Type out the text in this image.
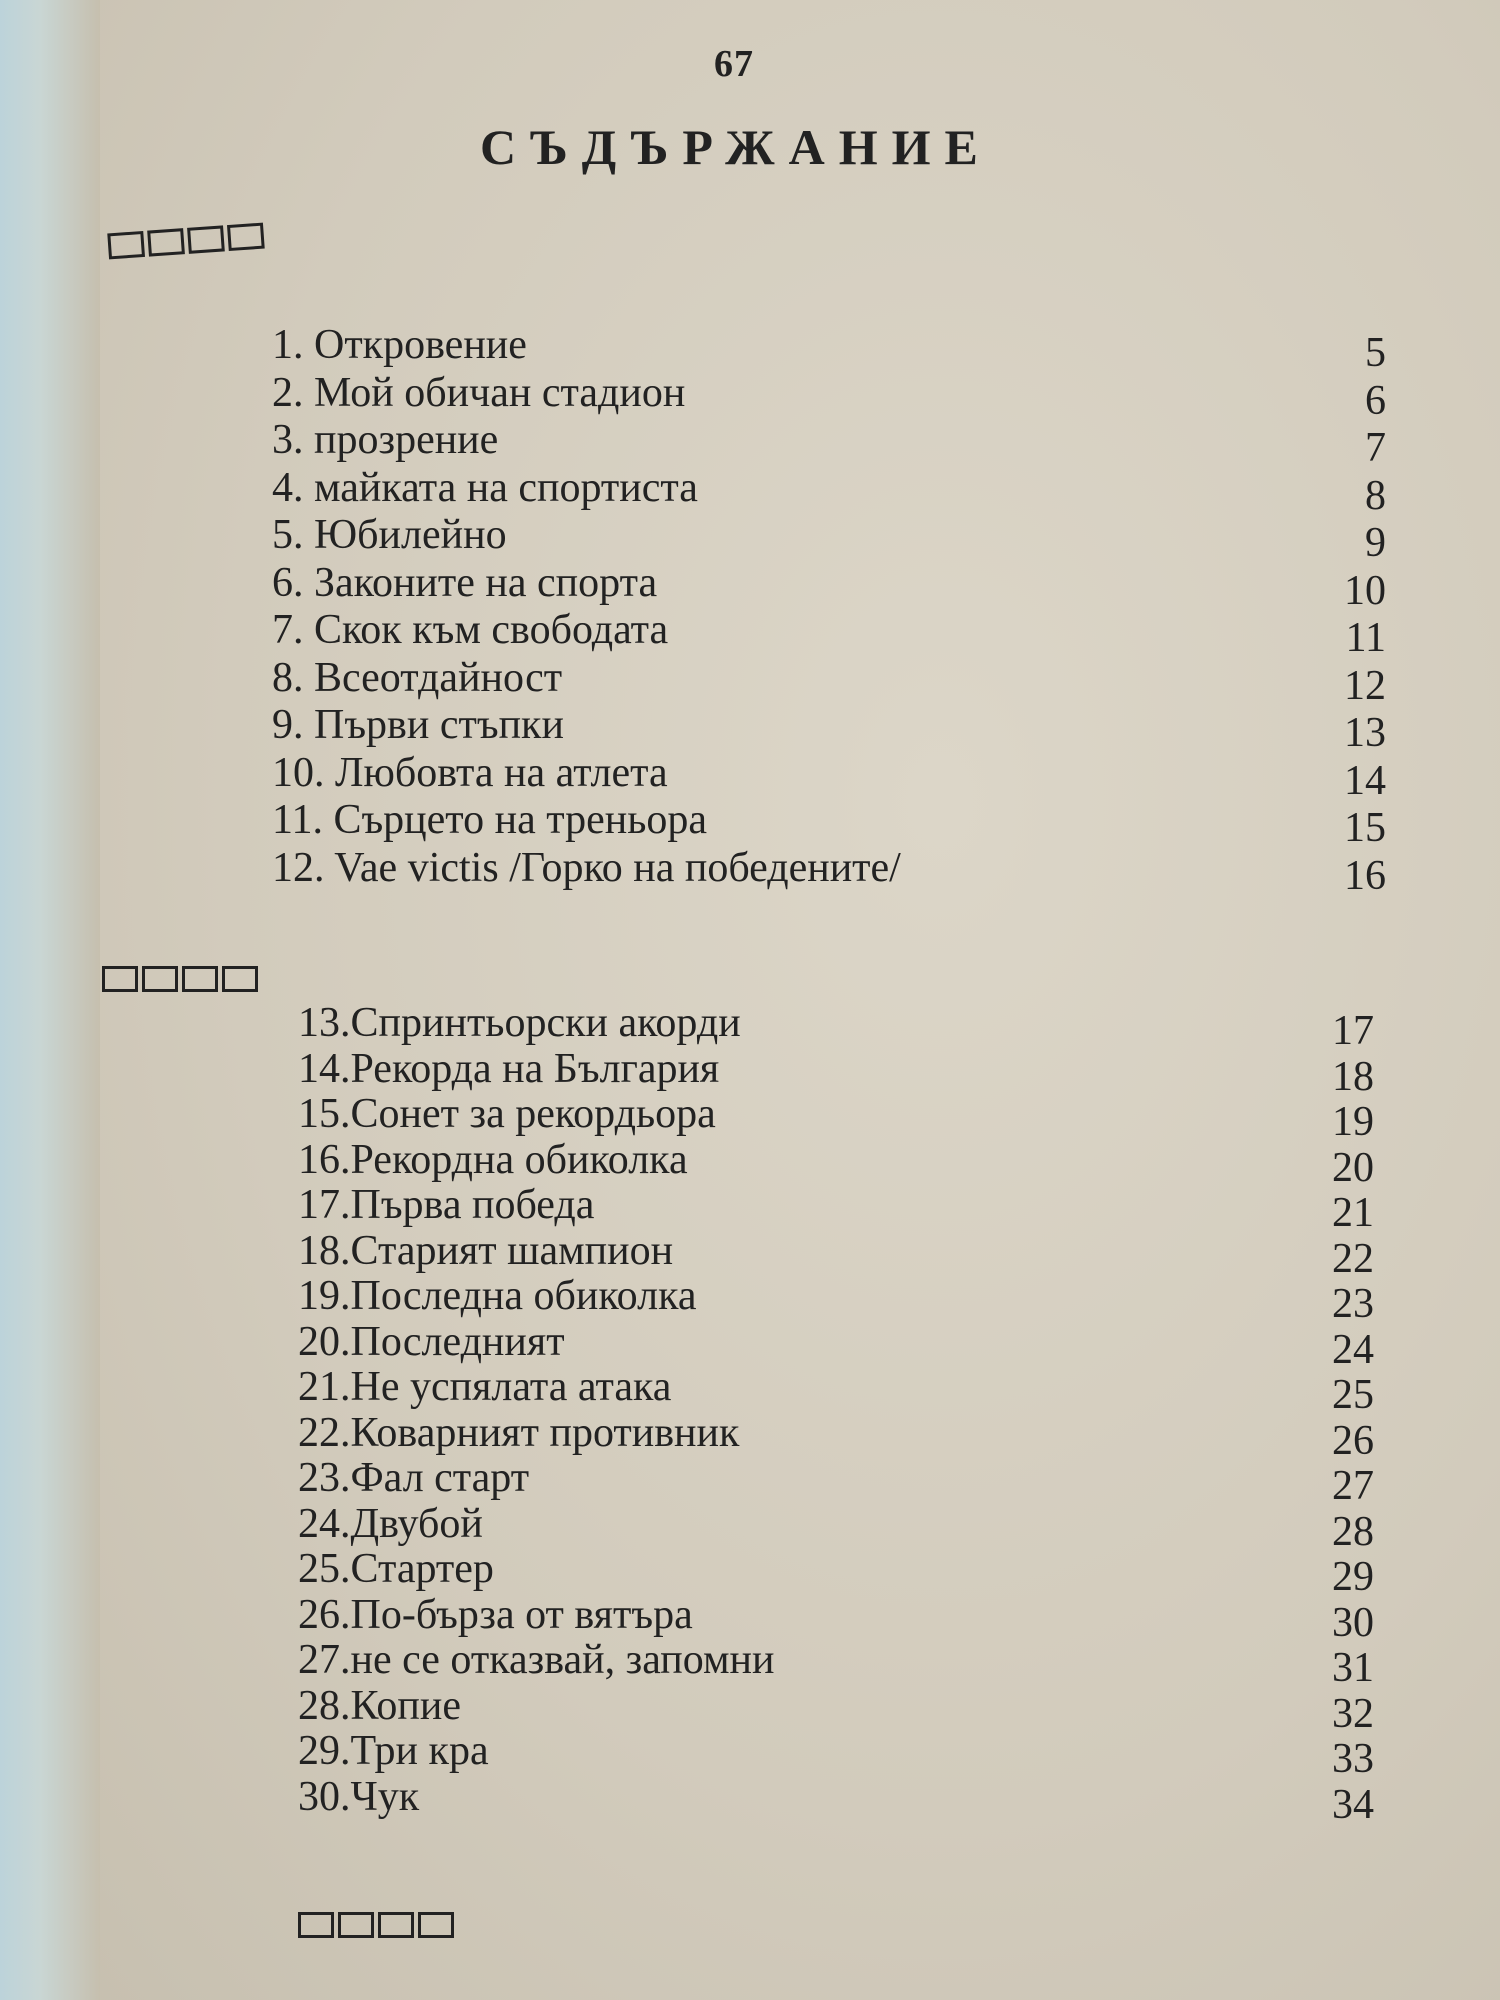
67
СЪДЪРЖАНИЕ
1. Откровение	5
2. Мой обичан стадион	6
3. прозрение	7
4. майката на спортиста	8
5. Юбилейно	9
6. Законите на спорта	10
7. Скок към свободата	11
8. Всеотдайност	12
9. Първи стъпки	13
10. Любовта на атлета	14
11. Сърцето на треньора	15
12. Vae victis /Горко на победените/	16
13.Спринтьорски акорди	17
14.Рекорда на България	18
15.Сонет за рекордьора	19
16.Рекордна обиколка	20
17.Първа победа	21
18.Старият шампион	22
19.Последна обиколка	23
20.Последният	24
21.Не успялата атака	25
22.Коварният противник	26
23.Фал старт	27
24.Двубой	28
25.Стартер	29
26.По-бърза от вятъра	30
27.не се отказвай, запомни	31
28.Копие	32
29.Три кра	33
30.Чук	34
